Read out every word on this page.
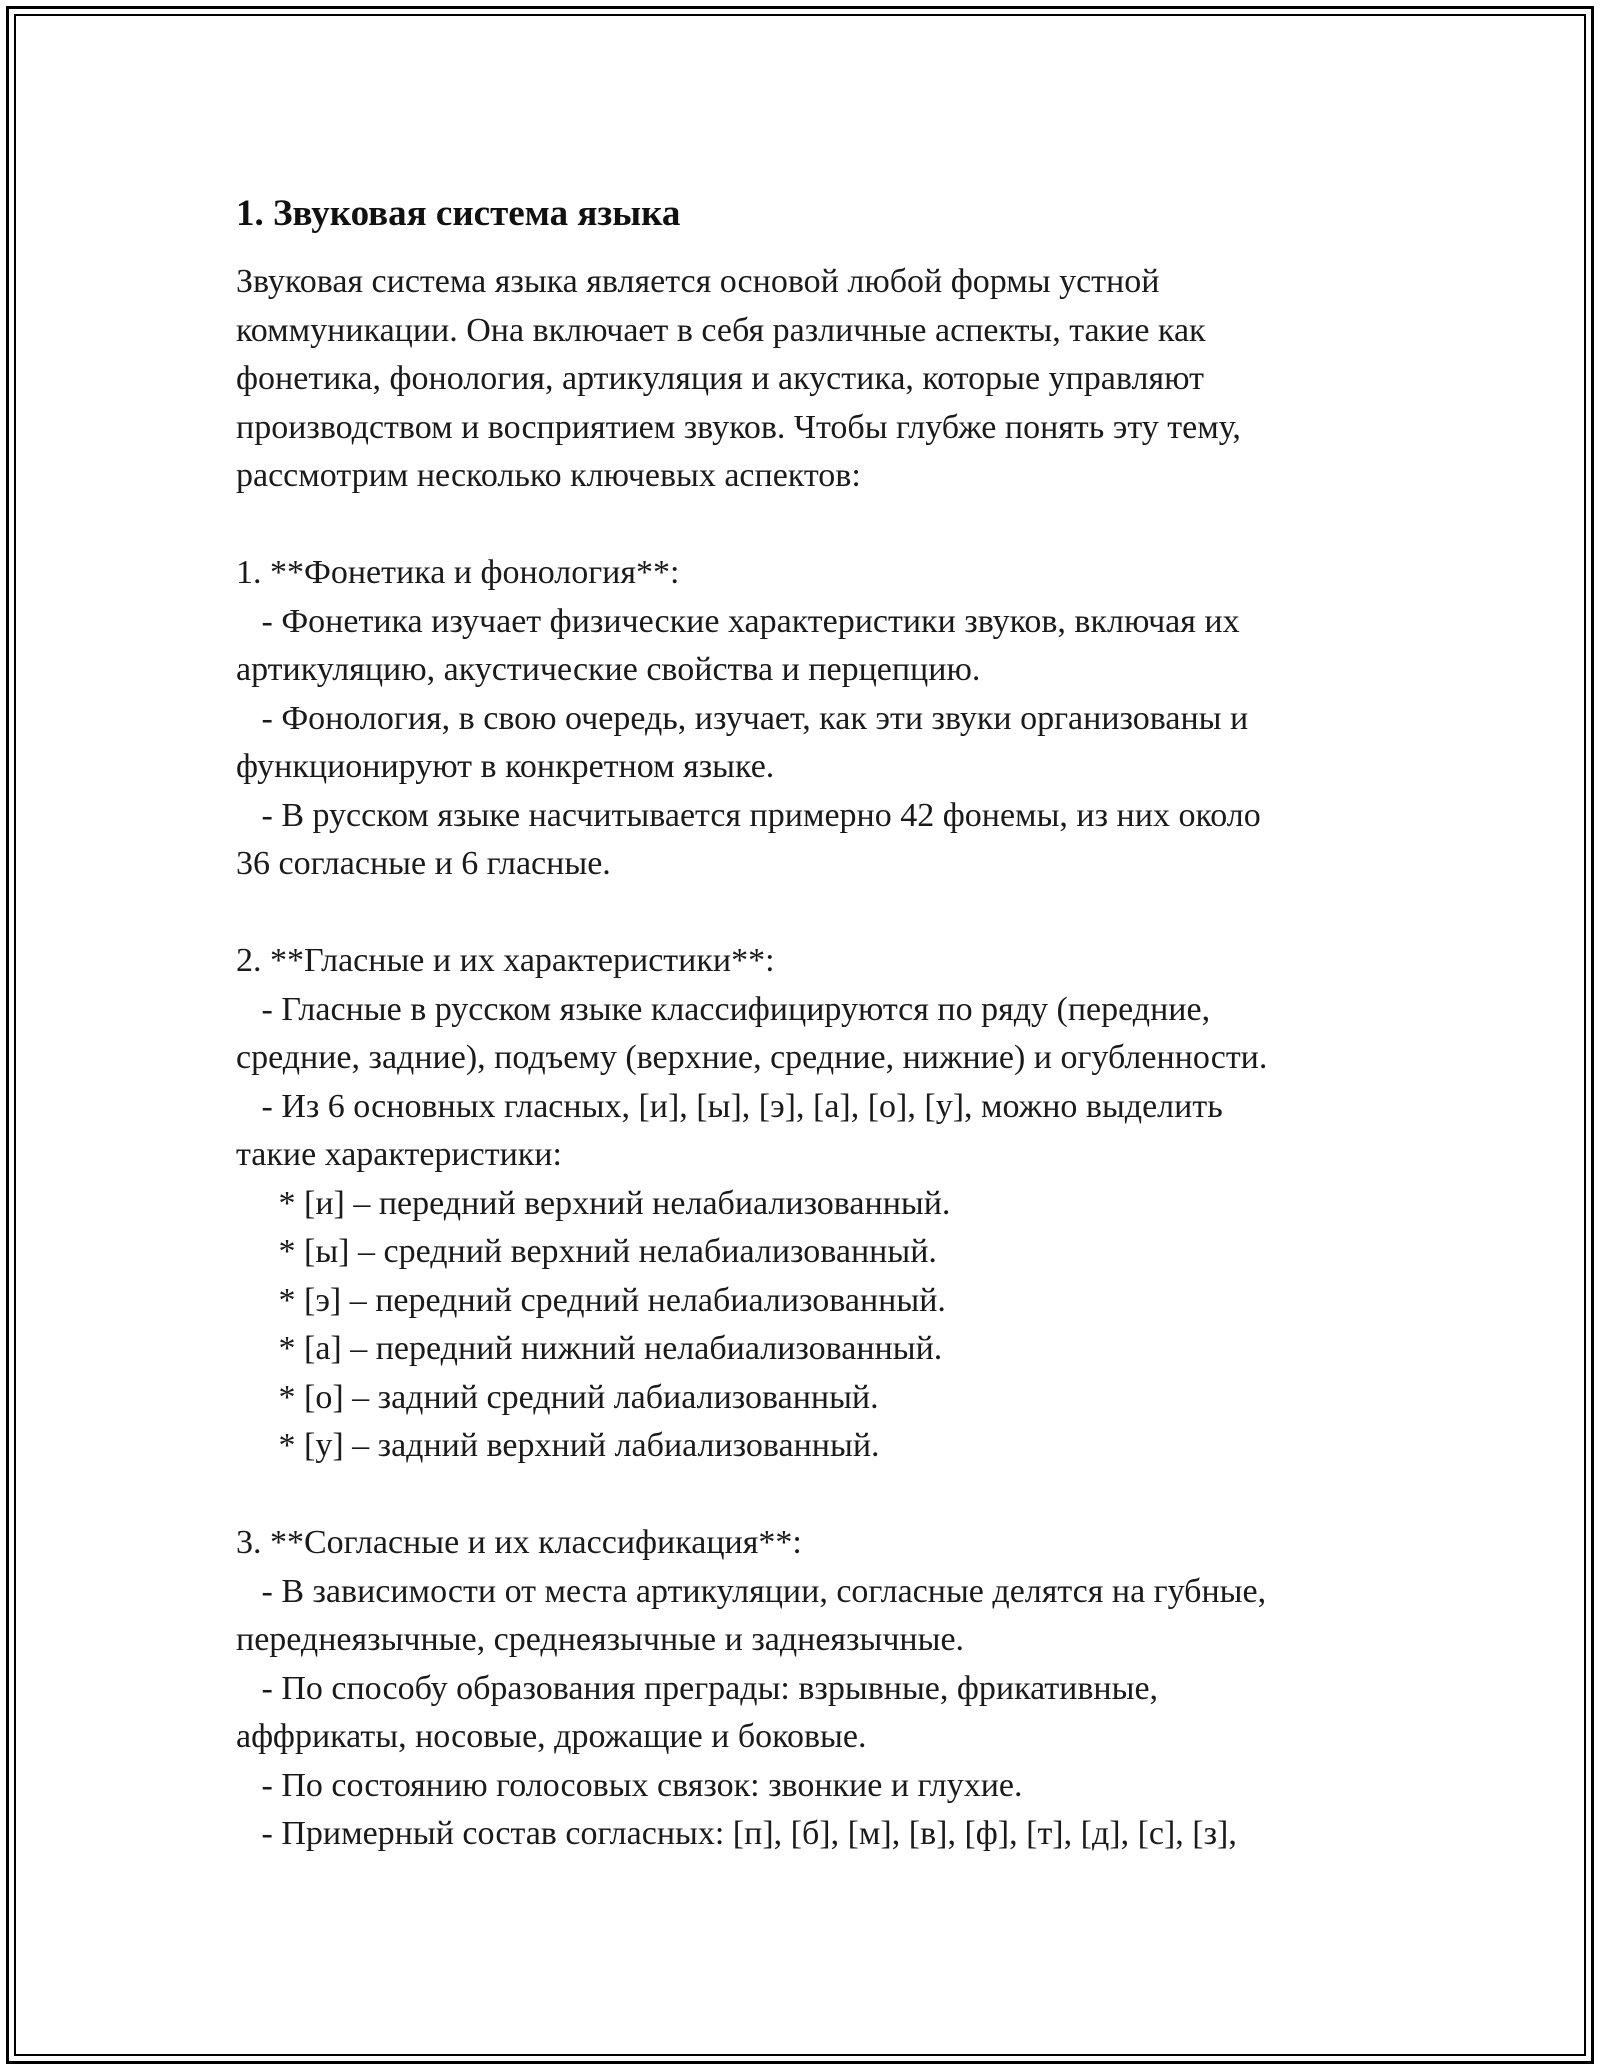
1. Звуковая система языка
Звуковая система языка является основой любой формы устной
коммуникации. Она включает в себя различные аспекты, такие как
фонетика, фонология, артикуляция и акустика, которые управляют
производством и восприятием звуков. Чтобы глубже понять эту тему,
рассмотрим несколько ключевых аспектов:
1. **Фонетика и фонология**:
- Фонетика изучает физические характеристики звуков, включая их
артикуляцию, акустические свойства и перцепцию.
- Фонология, в свою очередь, изучает, как эти звуки организованы и
функционируют в конкретном языке.
- В русском языке насчитывается примерно 42 фонемы, из них около
36 согласные и 6 гласные.
2. **Гласные и их характеристики**:
- Гласные в русском языке классифицируются по ряду (передние,
средние, задние), подъему (верхние, средние, нижние) и огубленности.
- Из 6 основных гласных, [и], [ы], [э], [а], [о], [у], можно выделить
такие характеристики:
* [и] – передний верхний нелабиализованный.
* [ы] – средний верхний нелабиализованный.
* [э] – передний средний нелабиализованный.
* [а] – передний нижний нелабиализованный.
* [о] – задний средний лабиализованный.
* [у] – задний верхний лабиализованный.
3. **Согласные и их классификация**:
- В зависимости от места артикуляции, согласные делятся на губные,
переднеязычные, среднеязычные и заднеязычные.
- По способу образования преграды: взрывные, фрикативные,
аффрикаты, носовые, дрожащие и боковые.
- По состоянию голосовых связок: звонкие и глухие.
- Примерный состав согласных: [п], [б], [м], [в], [ф], [т], [д], [с], [з],
